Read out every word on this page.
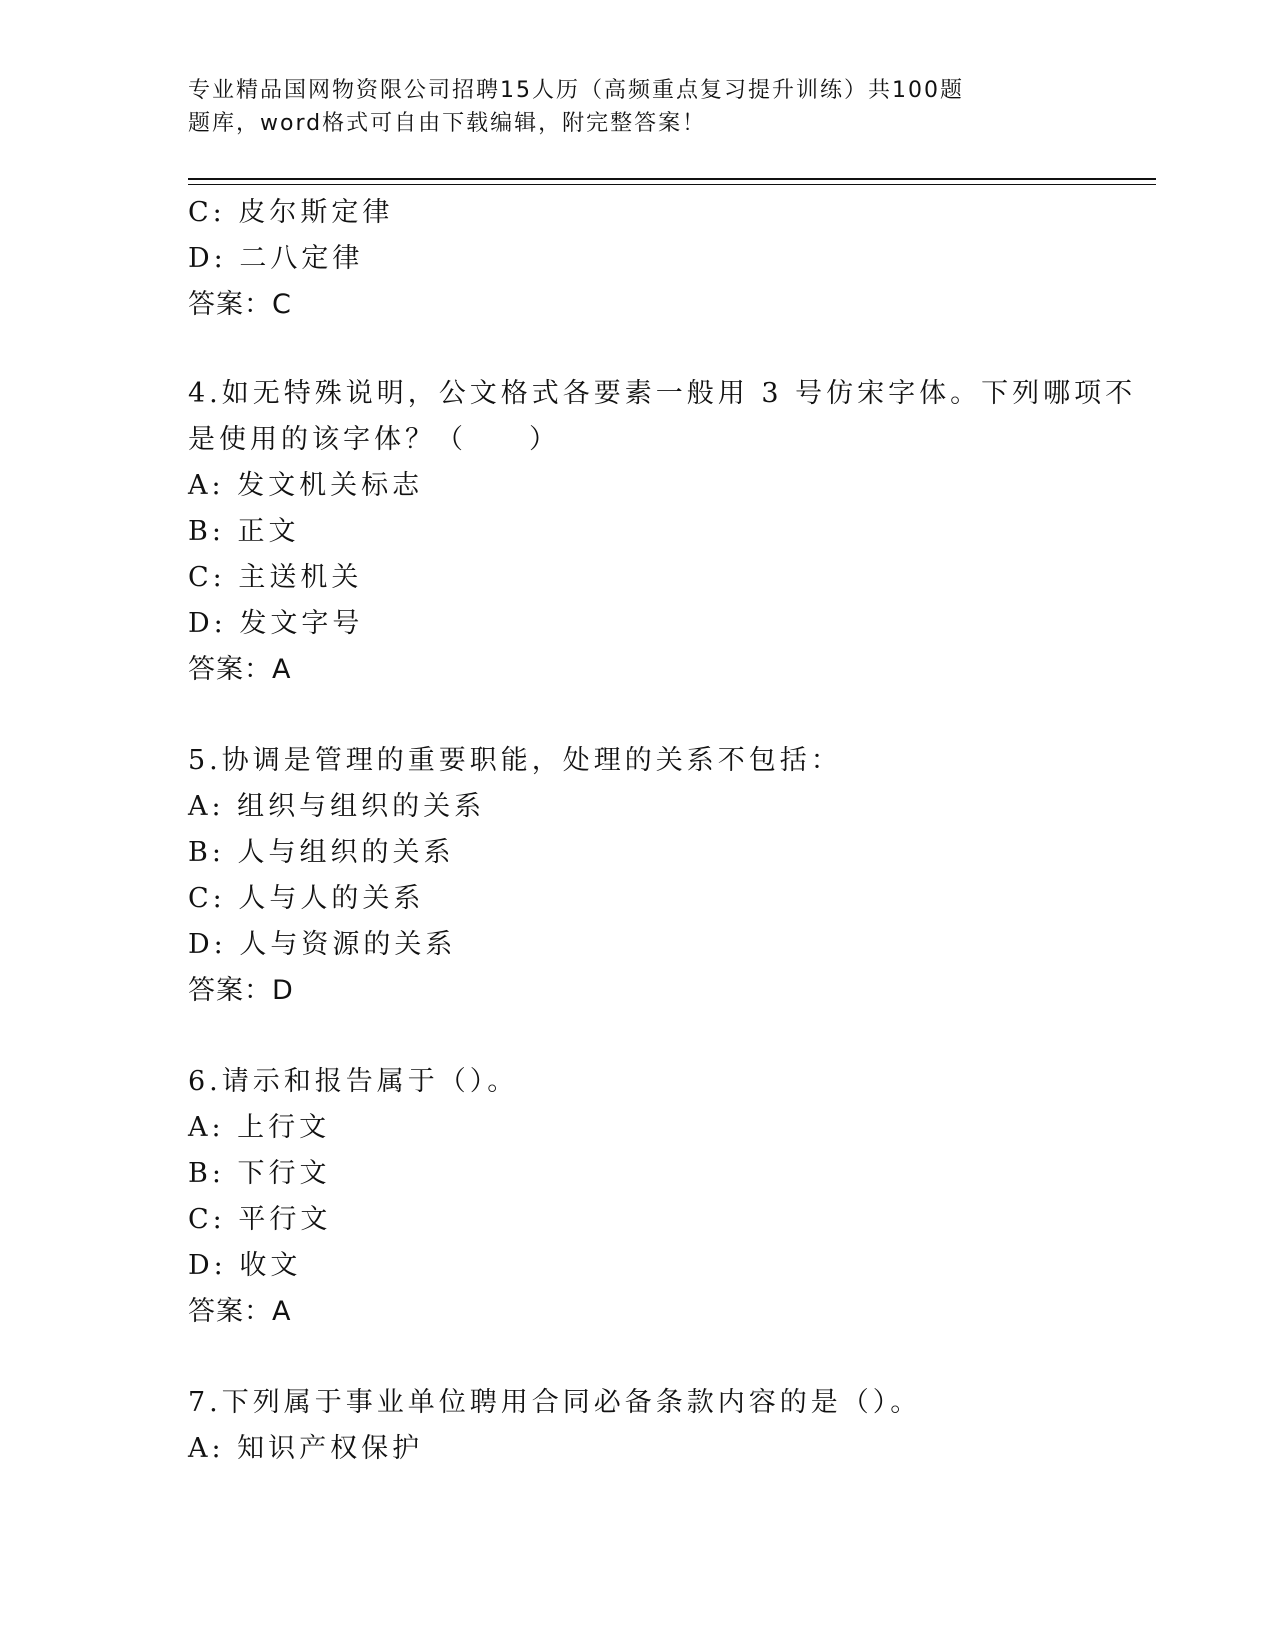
专业精品国网物资限公司招聘15人历（高频重点复习提升训练）共100题
题库，word格式可自由下载编辑，附完整答案！
C: 皮尔斯定律
D: 二八定律
答案：C
4.如无特殊说明，公文格式各要素一般用 3 号仿宋字体。下列哪项不
是使用的该字体？（　　）
A: 发文机关标志
B: 正文
C: 主送机关
D: 发文字号
答案：A
5.协调是管理的重要职能，处理的关系不包括：
A: 组织与组织的关系
B: 人与组织的关系
C: 人与人的关系
D: 人与资源的关系
答案：D
6.请示和报告属于（）。
A: 上行文
B: 下行文
C: 平行文
D: 收文
答案：A
7.下列属于事业单位聘用合同必备条款内容的是（）。
A: 知识产权保护
